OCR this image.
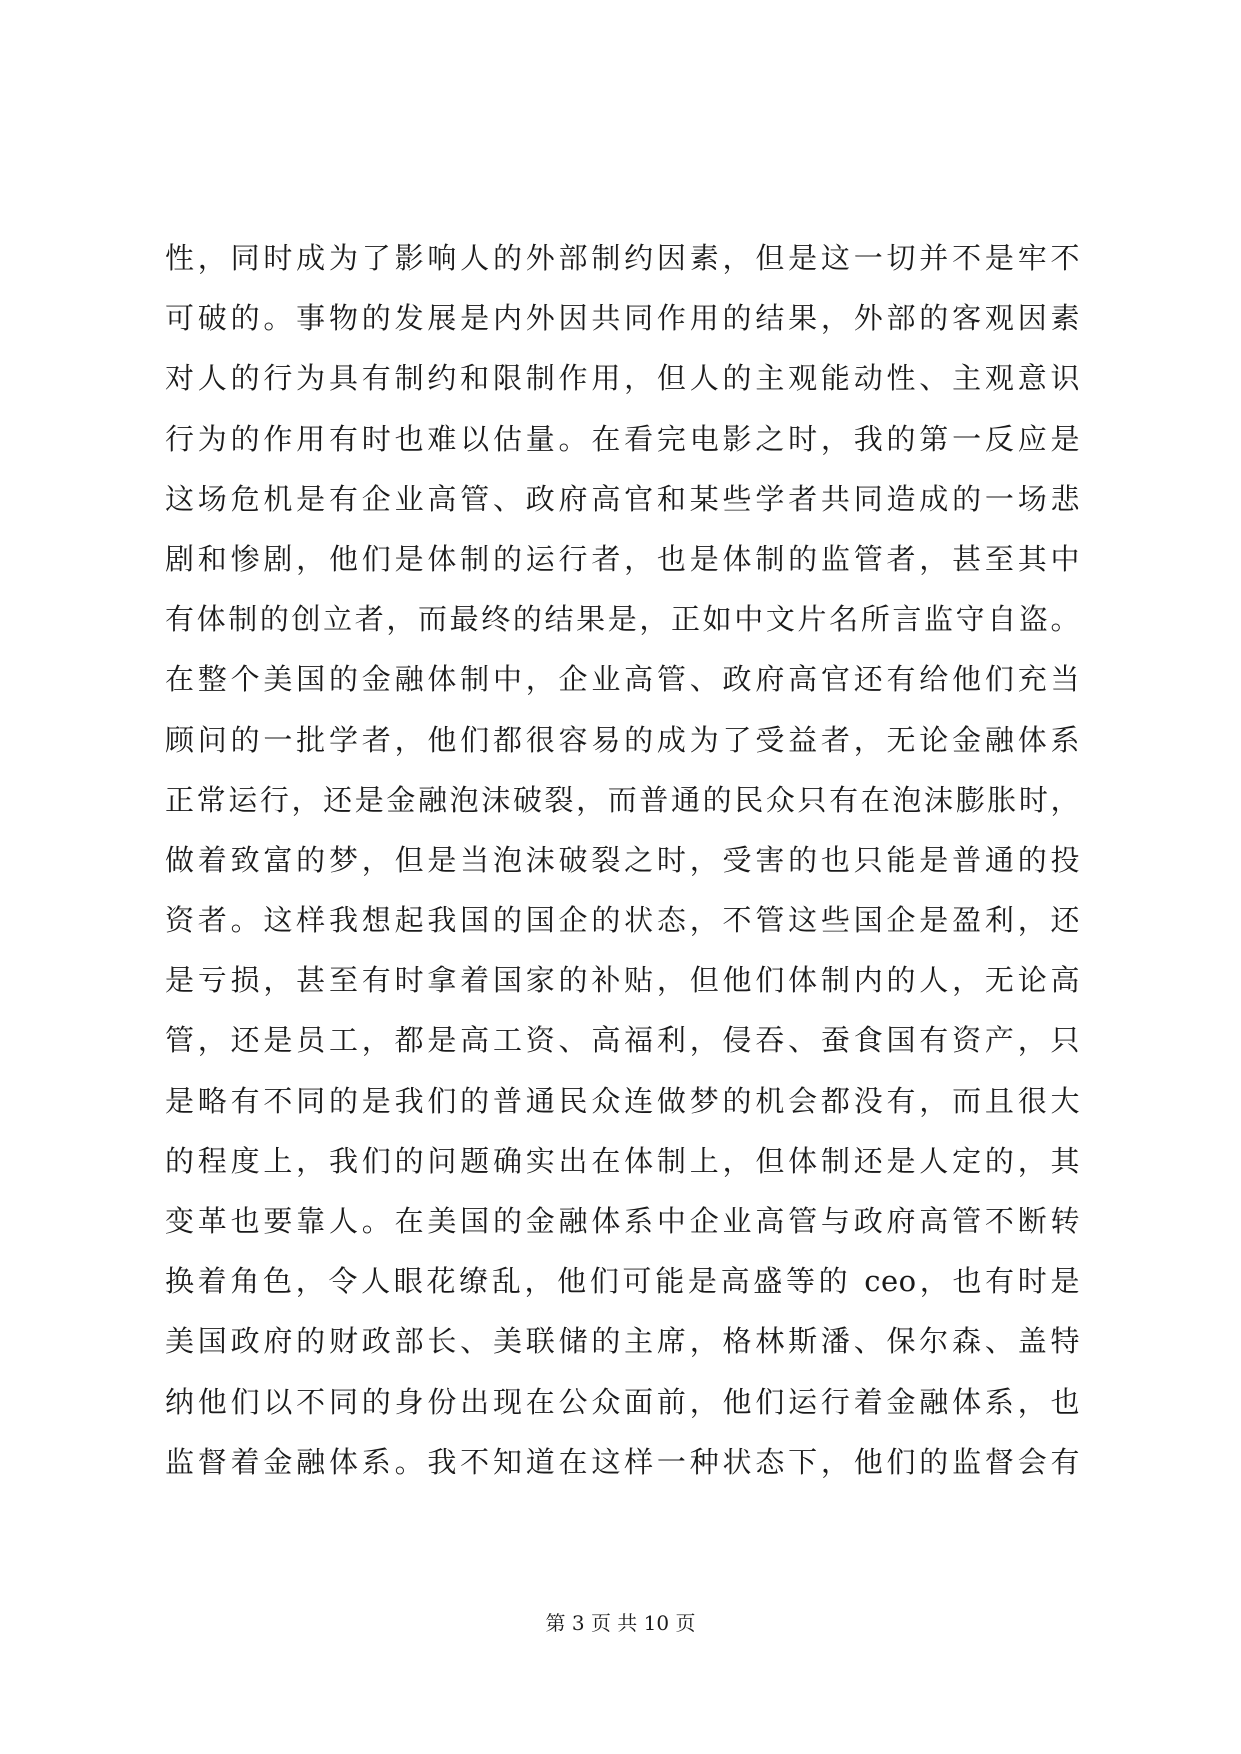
性，同时成为了影响人的外部制约因素，但是这一切并不是牢不
可破的。事物的发展是内外因共同作用的结果，外部的客观因素
对人的行为具有制约和限制作用，但人的主观能动性、主观意识
行为的作用有时也难以估量。在看完电影之时，我的第一反应是
这场危机是有企业高管、政府高官和某些学者共同造成的一场悲
剧和惨剧，他们是体制的运行者，也是体制的监管者，甚至其中
有体制的创立者，而最终的结果是，正如中文片名所言监守自盗。
在整个美国的金融体制中，企业高管、政府高官还有给他们充当
顾问的一批学者，他们都很容易的成为了受益者，无论金融体系
正常运行，还是金融泡沫破裂，而普通的民众只有在泡沫膨胀时，
做着致富的梦，但是当泡沫破裂之时，受害的也只能是普通的投
资者。这样我想起我国的国企的状态，不管这些国企是盈利，还
是亏损，甚至有时拿着国家的补贴，但他们体制内的人，无论高
管，还是员工，都是高工资、高福利，侵吞、蚕食国有资产，只
是略有不同的是我们的普通民众连做梦的机会都没有，而且很大
的程度上，我们的问题确实出在体制上，但体制还是人定的，其
变革也要靠人。在美国的金融体系中企业高管与政府高管不断转
换着角色，令人眼花缭乱，他们可能是高盛等的 ceo，也有时是
美国政府的财政部长、美联储的主席，格林斯潘、保尔森、盖特
纳他们以不同的身份出现在公众面前，他们运行着金融体系，也
监督着金融体系。我不知道在这样一种状态下，他们的监督会有
第 3 页 共 10 页
